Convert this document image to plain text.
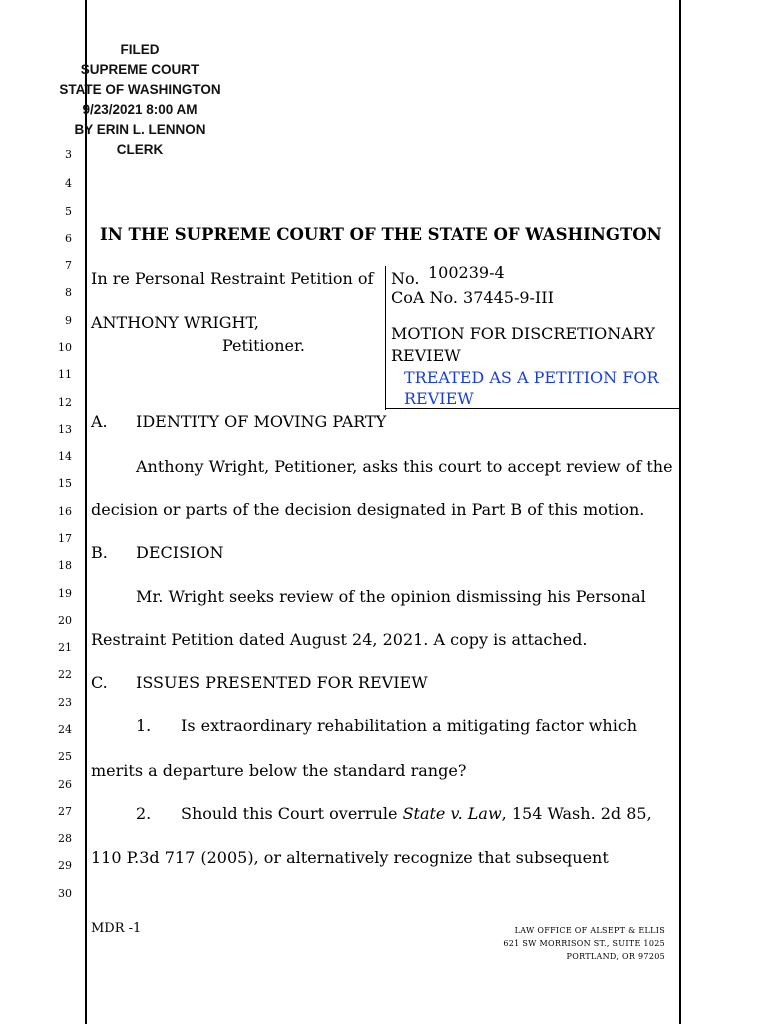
FILED
SUPREME COURT
STATE OF WASHINGTON
9/23/2021 8:00 AM
BY ERIN L. LENNON
CLERK
3
4
5
6
7
8
9
10
11
12
13
14
15
16
17
18
19
20
21
22
23
24
25
26
27
28
29
30
IN THE SUPREME COURT OF THE STATE OF WASHINGTON
In re Personal Restraint Petition of
ANTHONY WRIGHT,
Petitioner.
No. 100239-4
CoA No. 37445-9-III
MOTION FOR DISCRETIONARY
REVIEW
TREATED AS A PETITION FOR
REVIEW
A. IDENTITY OF MOVING PARTY
Anthony Wright, Petitioner, asks this court to accept review of the
decision or parts of the decision designated in Part B of this motion.
B. DECISION
Mr. Wright seeks review of the opinion dismissing his Personal
Restraint Petition dated August 24, 2021. A copy is attached.
C. ISSUES PRESENTED FOR REVIEW
1. Is extraordinary rehabilitation a mitigating factor which
merits a departure below the standard range?
2. Should this Court overrule State v. Law, 154 Wash. 2d 85,
110 P.3d 717 (2005), or alternatively recognize that subsequent
MDR -1	LAW OFFICE OF ALSEPT & ELLIS
621 SW MORRISON ST., SUITE 1025
PORTLAND, OR 97205
